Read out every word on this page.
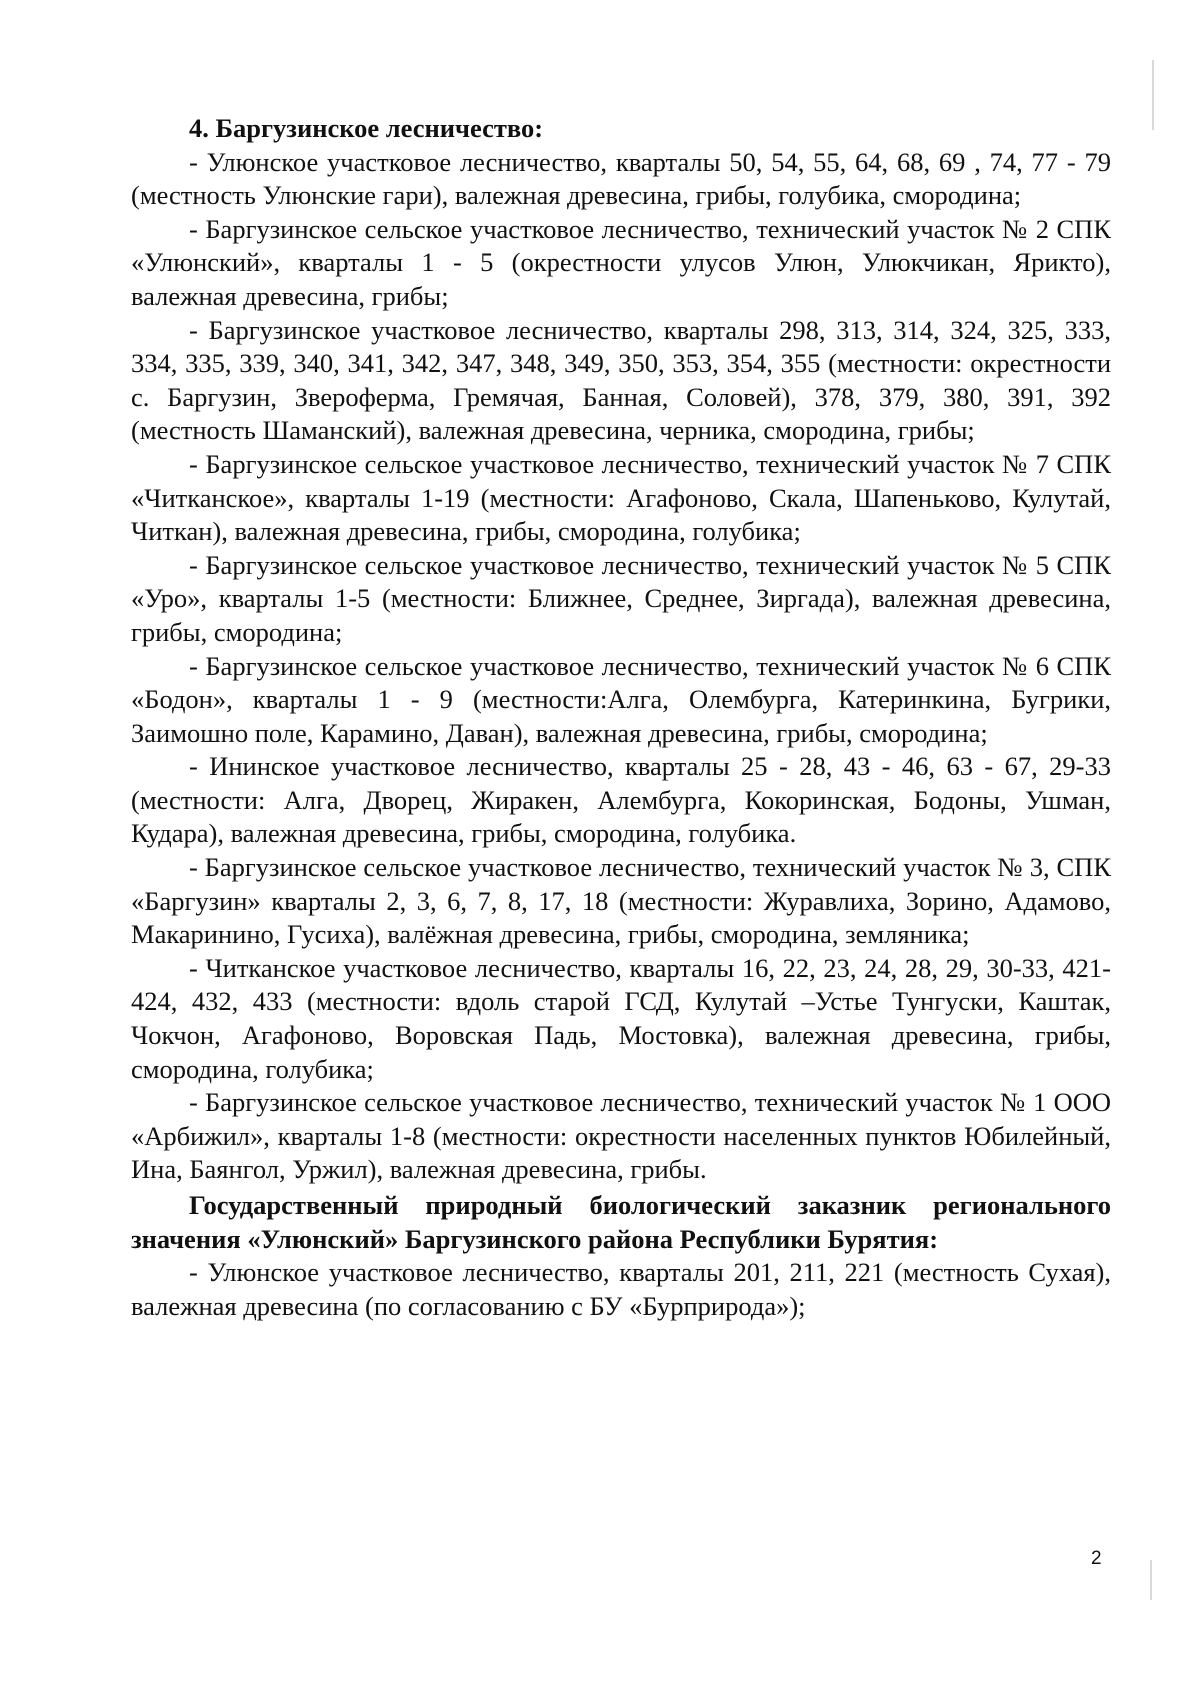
4. Баргузинское лесничество:

- Улюнское участковое лесничество, кварталы 50, 54, 55, 64, 68, 69 , 74, 77 - 79 (местность Улюнские гари), валежная древесина, грибы, голубика, смородина;

- Баргузинское сельское участковое лесничество, технический участок № 2 СПК «Улюнский», кварталы 1 - 5 (окрестности улусов Улюн, Улюкчикан, Ярикто), валежная древесина, грибы;

- Баргузинское участковое лесничество, кварталы 298, 313, 314, 324, 325, 333, 334, 335, 339, 340, 341, 342, 347, 348, 349, 350, 353, 354, 355 (местности: окрестности с. Баргузин, Звероферма, Гремячая, Банная, Соловей), 378, 379, 380, 391, 392 (местность Шаманский), валежная древесина, черника, смородина, грибы;

- Баргузинское сельское участковое лесничество, технический участок № 7 СПК «Читканское», кварталы 1-19 (местности: Агафоново, Скала, Шапеньково, Кулутай, Читкан), валежная древесина, грибы, смородина, голубика;

- Баргузинское сельское участковое лесничество, технический участок № 5 СПК «Уро», кварталы 1-5 (местности: Ближнее, Среднее, Зиргада), валежная древесина, грибы, смородина;

- Баргузинское сельское участковое лесничество, технический участок № 6 СПК «Бодон», кварталы 1 - 9 (местности:Алга, Олембурга, Катеринкина, Бугрики, Заимошно поле, Карамино, Даван), валежная древесина, грибы, смородина;

- Ининское участковое лесничество, кварталы 25 - 28, 43 - 46, 63 - 67, 29-33 (местности: Алга, Дворец, Жиракен, Алембурга, Кокоринская, Бодоны, Ушман, Кудара), валежная древесина, грибы, смородина, голубика.

- Баргузинское сельское участковое лесничество, технический участок № 3, СПК «Баргузин» кварталы 2, 3, 6, 7, 8, 17, 18 (местности: Журавлиха, Зорино, Адамово, Макаринино, Гусиха), валёжная древесина, грибы, смородина, земляника;

- Читканское участковое лесничество, кварталы 16, 22, 23, 24, 28, 29, 30-33, 421-424, 432, 433 (местности: вдоль старой ГСД, Кулутай –Устье Тунгуски, Каштак, Чокчон, Агафоново, Воровская Падь, Мостовка), валежная древесина, грибы, смородина, голубика;

- Баргузинское сельское участковое лесничество, технический участок № 1 ООО «Арбижил», кварталы 1-8 (местности: окрестности населенных пунктов Юбилейный, Ина, Баянгол, Уржил), валежная древесина, грибы.

Государственный природный биологический заказник регионального значения «Улюнский» Баргузинского района Республики Бурятия:

- Улюнское участковое лесничество, кварталы 201, 211, 221 (местность Сухая), валежная древесина (по согласованию с БУ «Бурприрода»);

2
